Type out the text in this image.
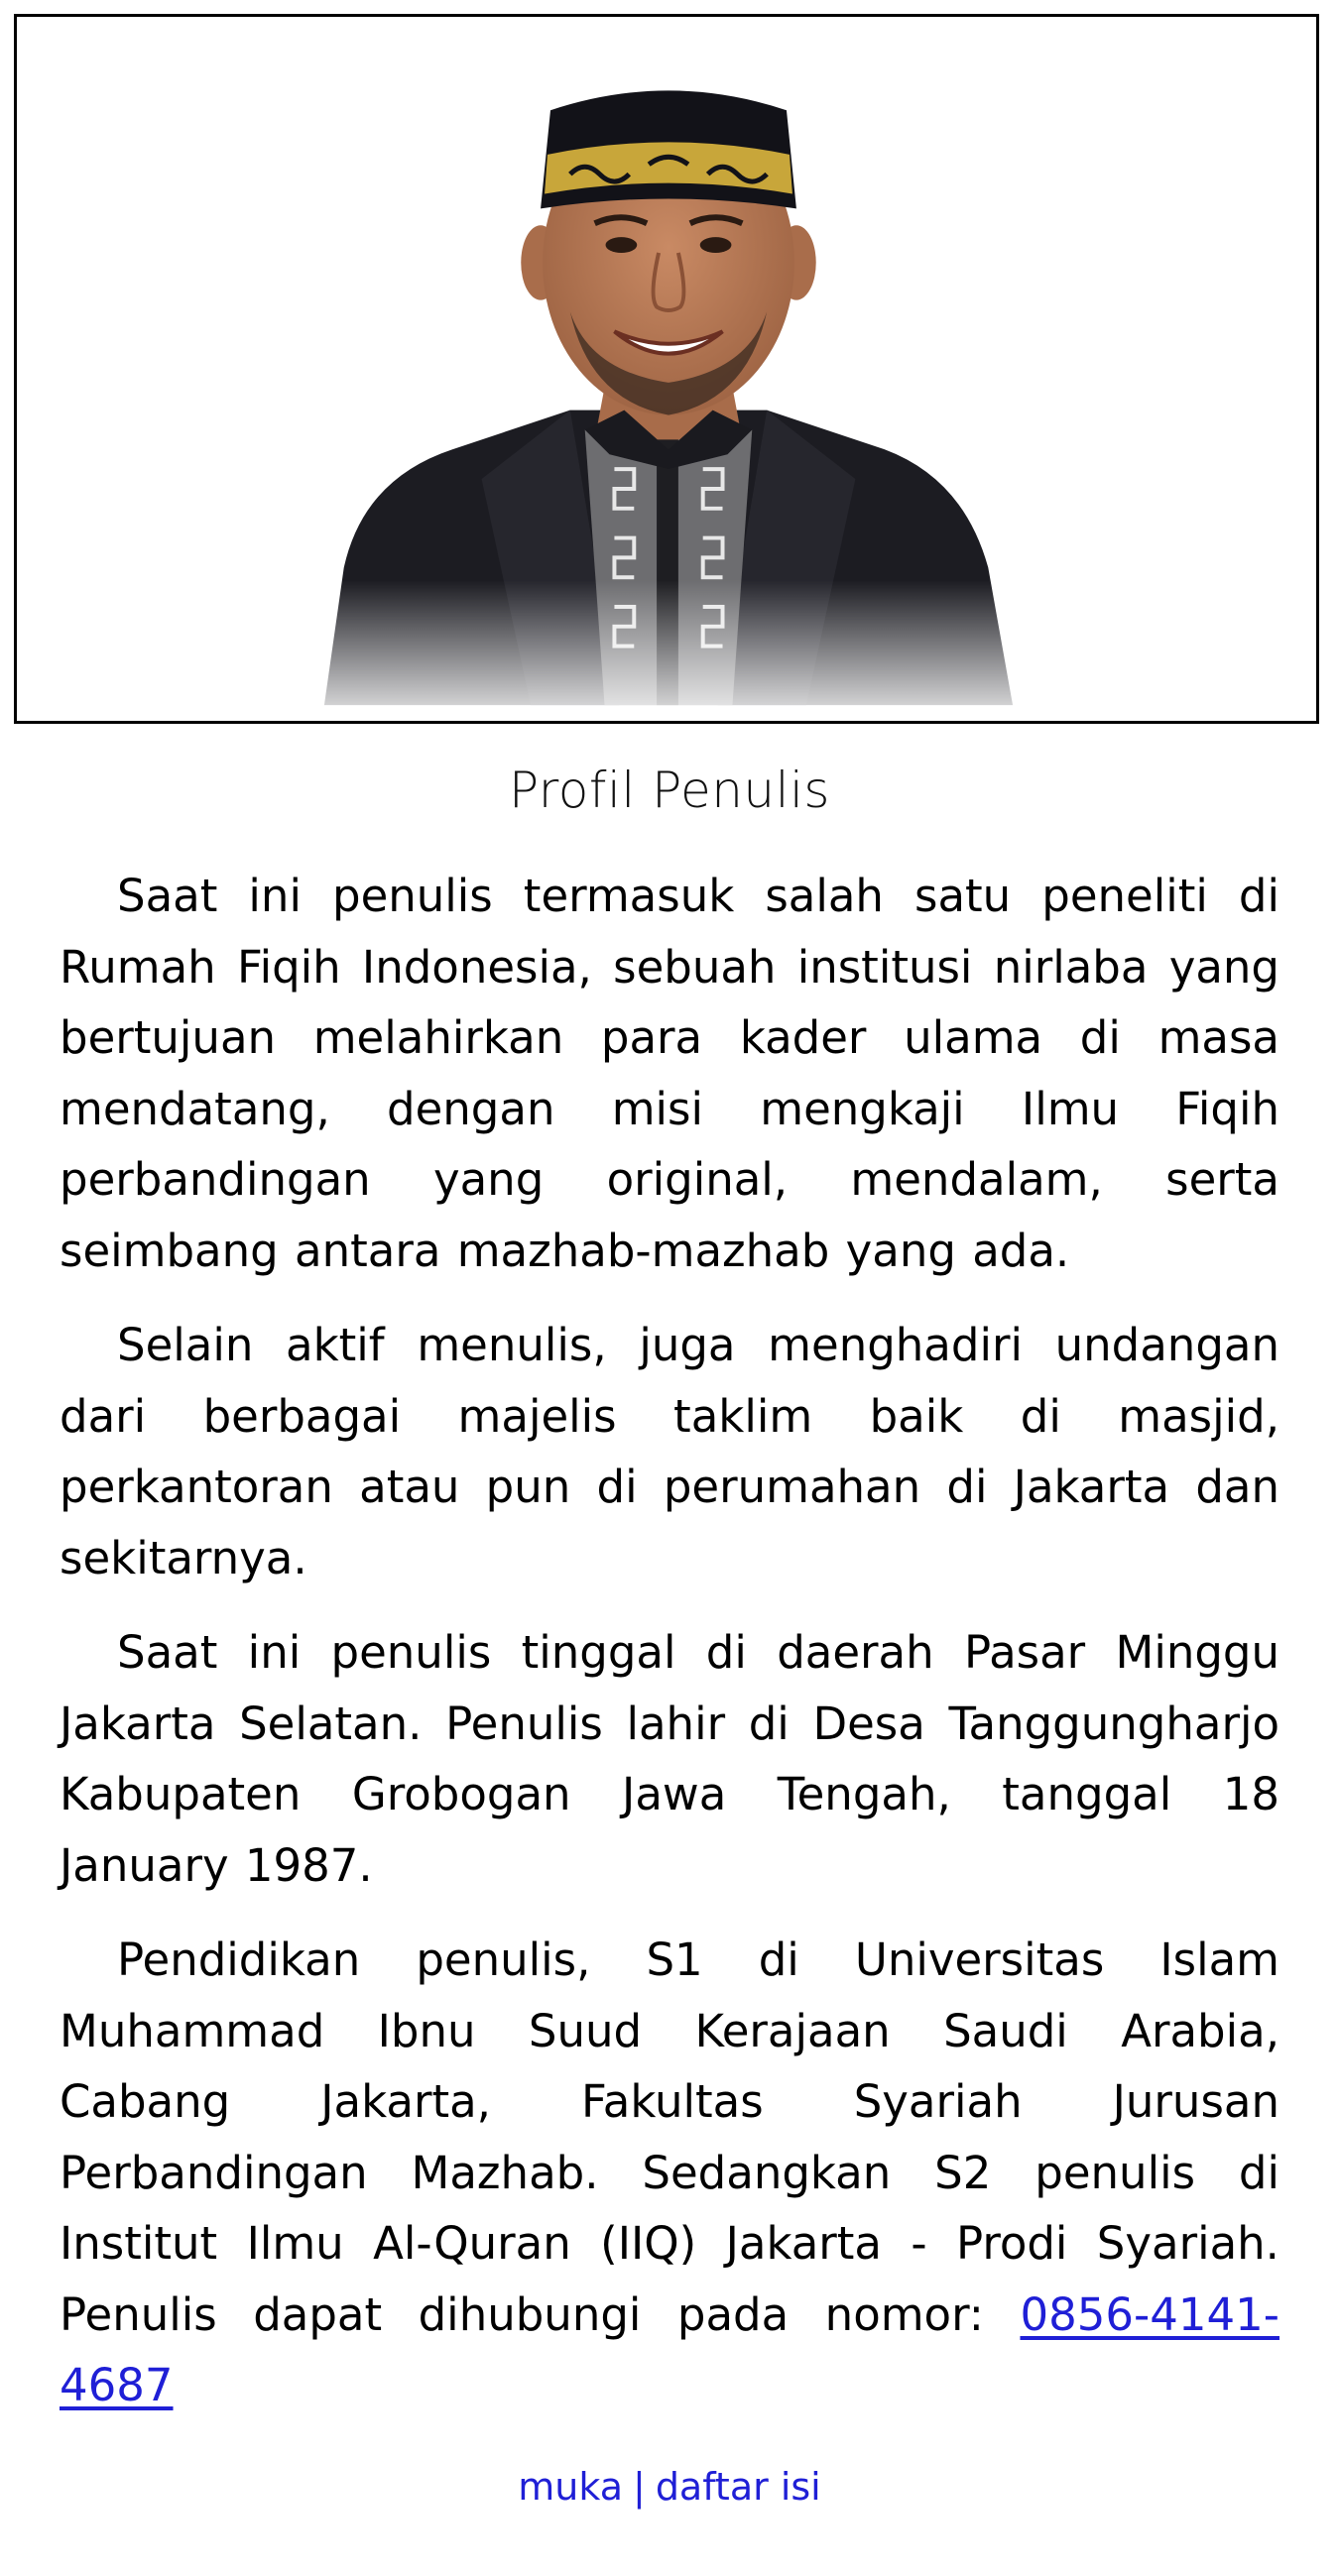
Profil Penulis

Saat ini penulis termasuk salah satu peneliti di Rumah Fiqih Indonesia, sebuah institusi nirlaba yang bertujuan melahirkan para kader ulama di masa mendatang, dengan misi mengkaji Ilmu Fiqih perbandingan yang original, mendalam, serta seimbang antara mazhab-mazhab yang ada.

Selain aktif menulis, juga menghadiri undangan dari berbagai majelis taklim baik di masjid, perkantoran atau pun di perumahan di Jakarta dan sekitarnya.

Saat ini penulis tinggal di daerah Pasar Minggu Jakarta Selatan. Penulis lahir di Desa Tanggungharjo Kabupaten Grobogan Jawa Tengah, tanggal 18 January 1987.

Pendidikan penulis, S1 di Universitas Islam Muhammad Ibnu Suud Kerajaan Saudi Arabia, Cabang Jakarta, Fakultas Syariah Jurusan Perbandingan Mazhab. Sedangkan S2 penulis di Institut Ilmu Al-Quran (IIQ) Jakarta - Prodi Syariah. Penulis dapat dihubungi pada nomor: 0856-4141-4687

muka | daftar isi
